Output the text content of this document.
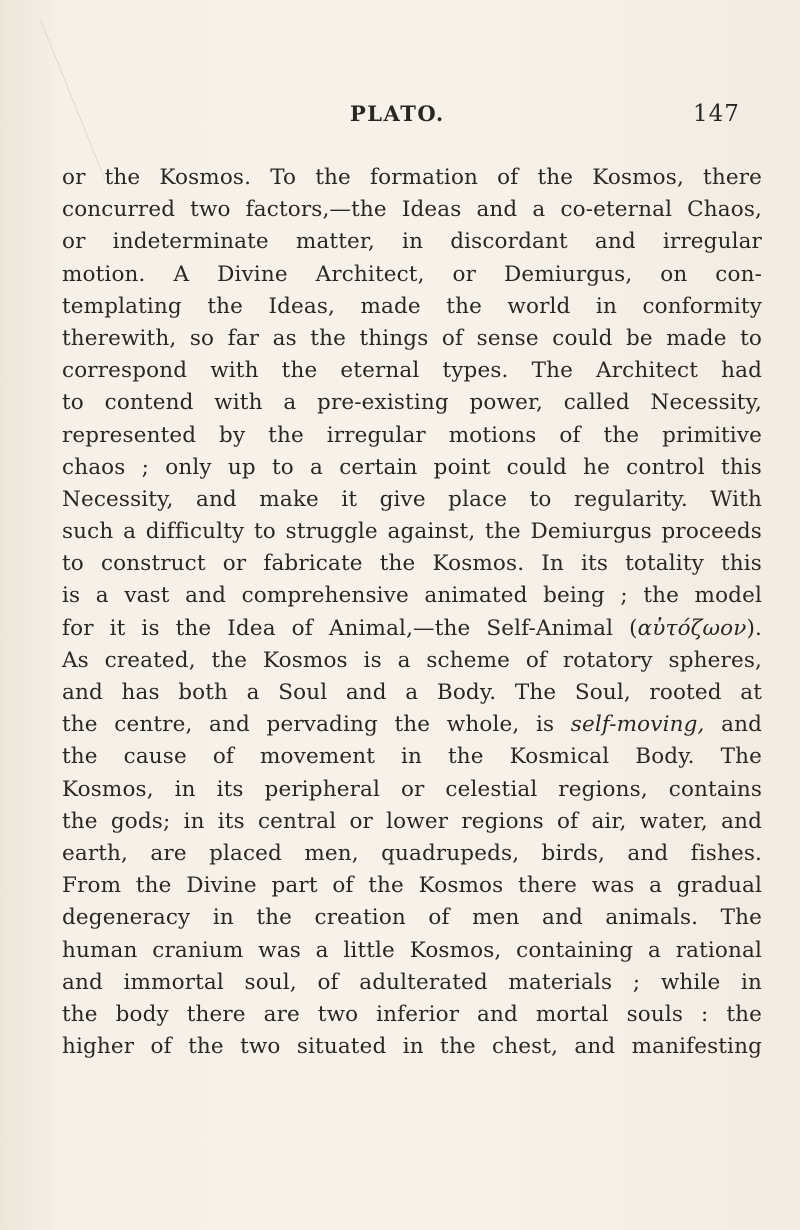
PLATO.	147
or the Kosmos. To the formation of the Kosmos, there
concurred two factors,—the Ideas and a co-eternal Chaos,
or indeterminate matter, in discordant and irregular
motion. A Divine Architect, or Demiurgus, on con-
templating the Ideas, made the world in conformity
therewith, so far as the things of sense could be made to
correspond with the eternal types. The Architect had
to contend with a pre-existing power, called Necessity,
represented by the irregular motions of the primitive
chaos ; only up to a certain point could he control this
Necessity, and make it give place to regularity. With
such a difficulty to struggle against, the Demiurgus proceeds
to construct or fabricate the Kosmos. In its totality this
is a vast and comprehensive animated being ; the model
for it is the Idea of Animal,—the Self-Animal (αὐτόζωον).
As created, the Kosmos is a scheme of rotatory spheres,
and has both a Soul and a Body. The Soul, rooted at
the centre, and pervading the whole, is self-moving, and
the cause of movement in the Kosmical Body. The
Kosmos, in its peripheral or celestial regions, contains
the gods; in its central or lower regions of air, water, and
earth, are placed men, quadrupeds, birds, and fishes.
From the Divine part of the Kosmos there was a gradual
degeneracy in the creation of men and animals. The
human cranium was a little Kosmos, containing a rational
and immortal soul, of adulterated materials ; while in
the body there are two inferior and mortal souls : the
higher of the two situated in the chest, and manifesting
